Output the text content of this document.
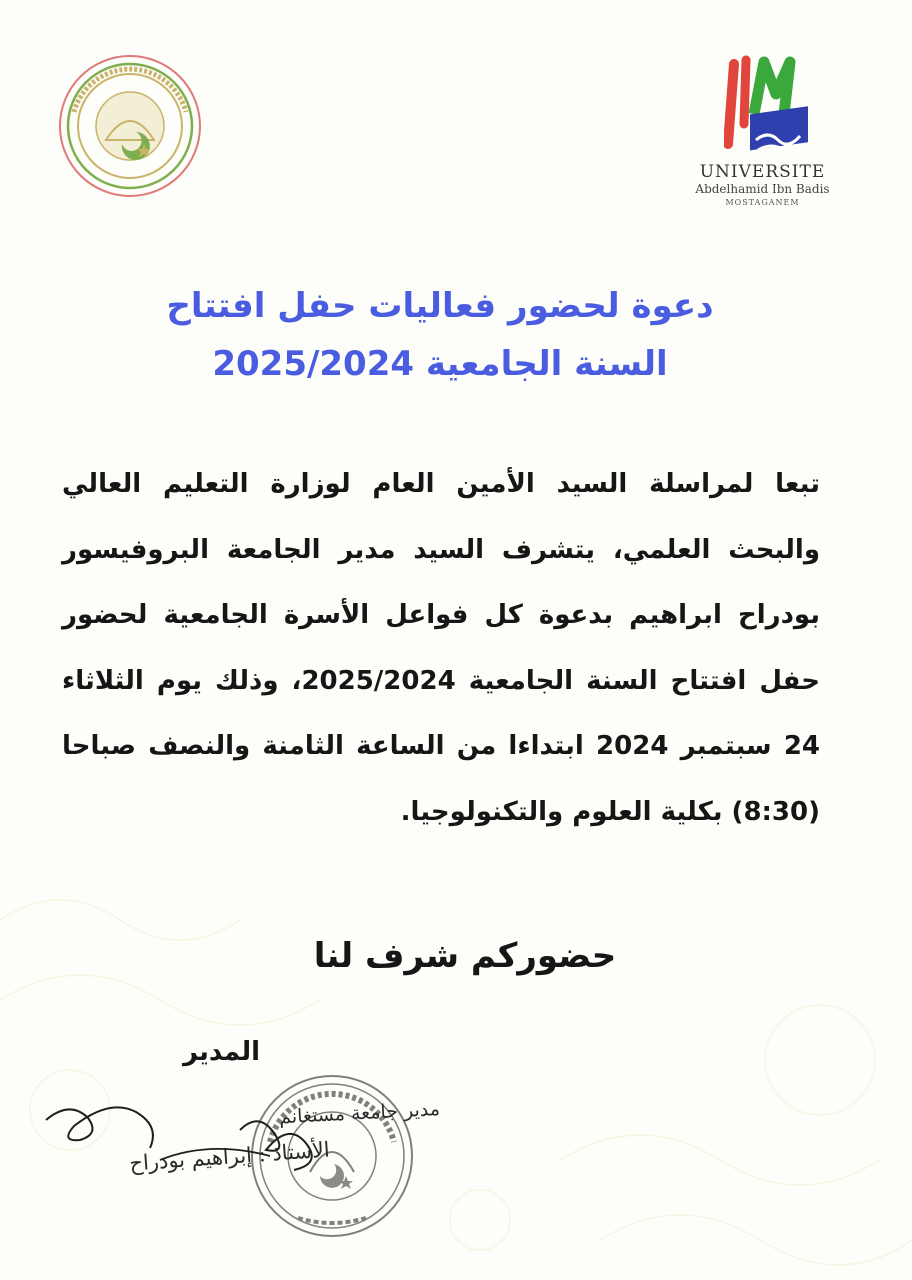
UNIVERSITE
Abdelhamid Ibn Badis
MOSTAGANEM
دعوة لحضور فعاليات حفل افتتاح
السنة الجامعية 2025/2024
تبعا لمراسلة السيد الأمين العام لوزارة التعليم العالي والبحث العلمي، يتشرف السيد مدير الجامعة البروفيسور بودراح ابراهيم بدعوة كل فواعل الأسرة الجامعية لحضور حفل افتتاح السنة الجامعية 2025/2024، وذلك يوم الثلاثاء 24 سبتمبر 2024 ابتداءا من الساعة الثامنة والنصف صباحا (8:30) بكلية العلوم والتكنولوجيا.
حضوركم شرف لنا
المدير
مدير جامعة مستغانم
الأستاذ : إبراهيم بودراح
